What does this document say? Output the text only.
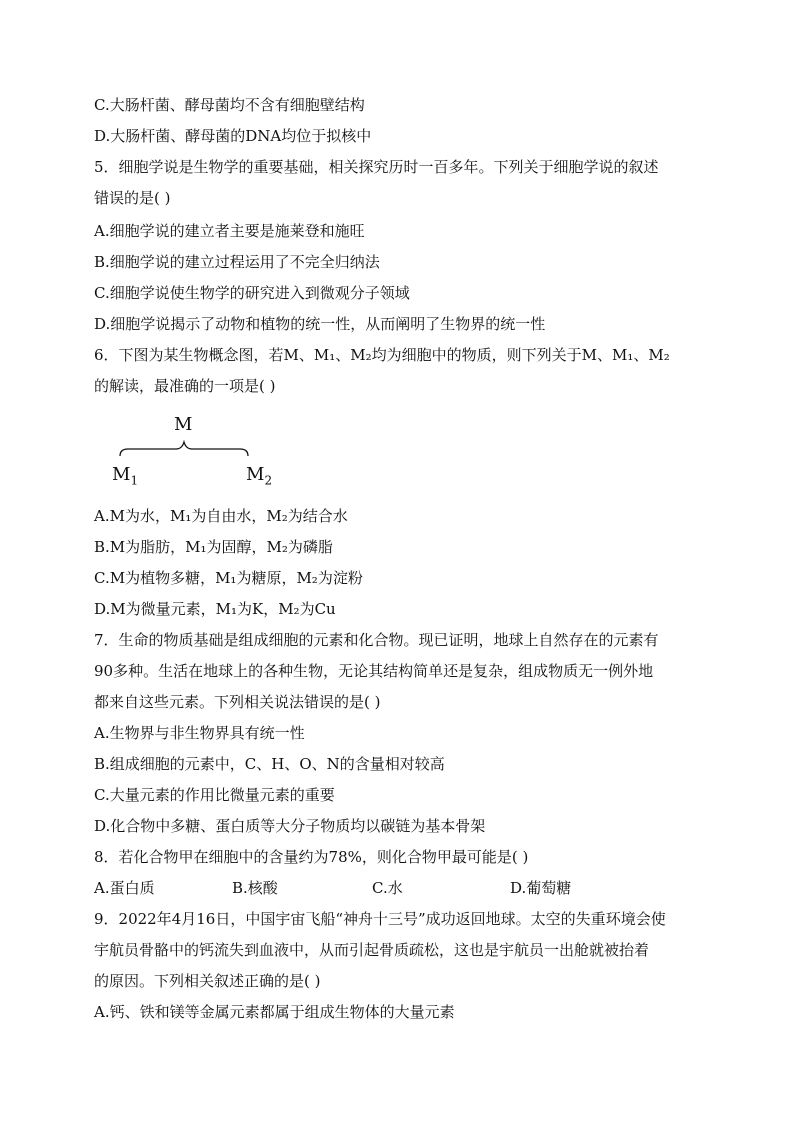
C.大肠杆菌、酵母菌均不含有细胞壁结构
D.大肠杆菌、酵母菌的DNA均位于拟核中
5．细胞学说是生物学的重要基础，相关探究历时一百多年。下列关于细胞学说的叙述
错误的是( )
A.细胞学说的建立者主要是施莱登和施旺
B.细胞学说的建立过程运用了不完全归纳法
C.细胞学说使生物学的研究进入到微观分子领域
D.细胞学说揭示了动物和植物的统一性，从而阐明了生物界的统一性
6．下图为某生物概念图，若M、M₁、M₂均为细胞中的物质，则下列关于M、M₁、M₂
的解读，最准确的一项是( )
M
$M_1$	$M_2$
A.M为水，M₁为自由水，M₂为结合水
B.M为脂肪，M₁为固醇，M₂为磷脂
C.M为植物多糖，M₁为糖原，M₂为淀粉
D.M为微量元素，M₁为K，M₂为Cu
7．生命的物质基础是组成细胞的元素和化合物。现已证明，地球上自然存在的元素有
90多种。生活在地球上的各种生物，无论其结构简单还是复杂，组成物质无一例外地
都来自这些元素。下列相关说法错误的是( )
A.生物界与非生物界具有统一性
B.组成细胞的元素中，C、H、O、N的含量相对较高
C.大量元素的作用比微量元素的重要
D.化合物中多糖、蛋白质等大分子物质均以碳链为基本骨架
8．若化合物甲在细胞中的含量约为78%，则化合物甲最可能是( )
A.蛋白质	B.核酸	C.水	D.葡萄糖
9．2022年4月16日，中国宇宙飞船“神舟十三号”成功返回地球。太空的失重环境会使
宇航员骨骼中的钙流失到血液中，从而引起骨质疏松，这也是宇航员一出舱就被抬着
的原因。下列相关叙述正确的是( )
A.钙、铁和镁等金属元素都属于组成生物体的大量元素
